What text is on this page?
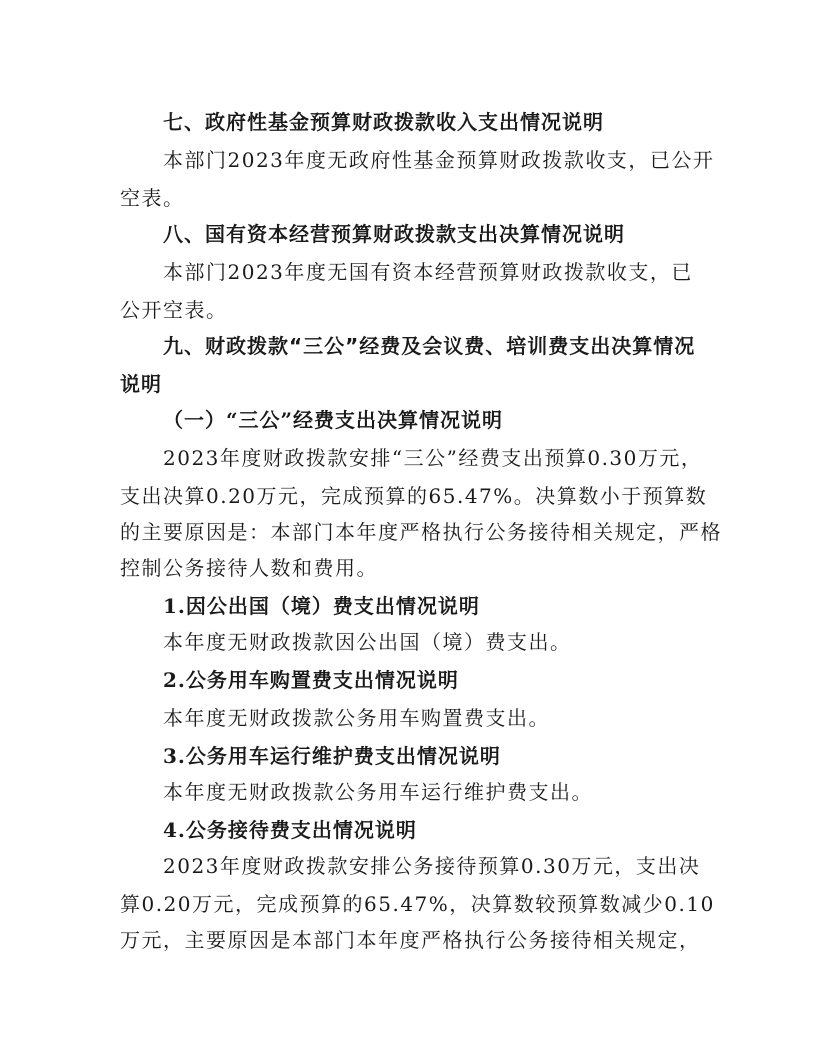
七、政府性基金预算财政拨款收入支出情况说明
本部门2023年度无政府性基金预算财政拨款收支，已公开
空表。
八、国有资本经营预算财政拨款支出决算情况说明
本部门2023年度无国有资本经营预算财政拨款收支，已
公开空表。
九、财政拨款“三公”经费及会议费、培训费支出决算情况
说明
（一）“三公”经费支出决算情况说明
2023年度财政拨款安排“三公”经费支出预算0.30万元，
支出决算0.20万元，完成预算的65.47%。决算数小于预算数
的主要原因是：本部门本年度严格执行公务接待相关规定，严格
控制公务接待人数和费用。
1.因公出国（境）费支出情况说明
本年度无财政拨款因公出国（境）费支出。
2.公务用车购置费支出情况说明
本年度无财政拨款公务用车购置费支出。
3.公务用车运行维护费支出情况说明
本年度无财政拨款公务用车运行维护费支出。
4.公务接待费支出情况说明
2023年度财政拨款安排公务接待预算0.30万元，支出决
算0.20万元，完成预算的65.47%，决算数较预算数减少0.10
万元，主要原因是本部门本年度严格执行公务接待相关规定，
